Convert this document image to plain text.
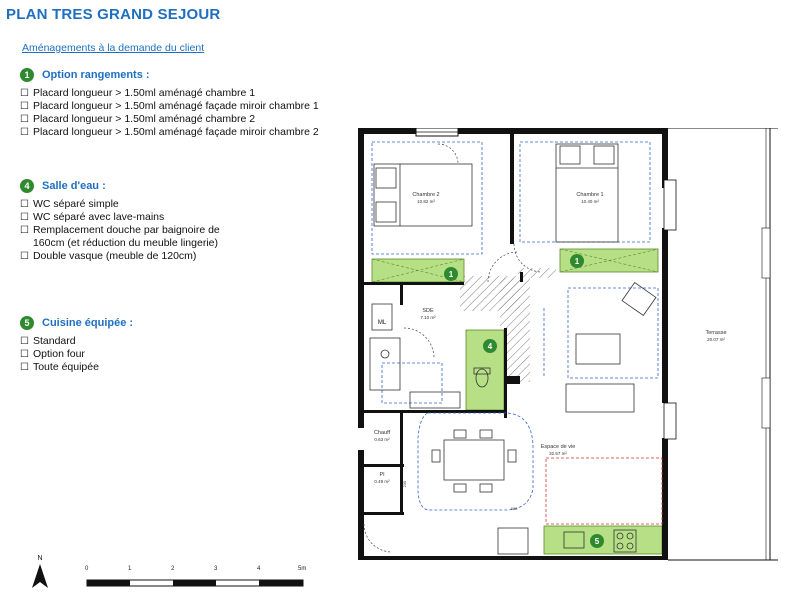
PLAN TRES GRAND SEJOUR
Aménagements à la demande du client
1	Option rangements :
☐ Placard longueur > 1.50ml aménagé chambre 1
☐ Placard longueur > 1.50ml aménagé façade miroir chambre 1
☐ Placard longueur > 1.50ml aménagé chambre 2
☐ Placard longueur > 1.50ml aménagé façade miroir chambre 2
4	Salle d'eau :
☐ WC séparé simple
☐ WC séparé avec lave-mains
☐ Remplacement douche par baignoire de 160cm (et réduction du meuble lingerie)
☐ Double vasque (meuble de 120cm)
5	Cuisine équipée :
☐ Standard
☐ Option four
☐ Toute équipée
Chambre 2
10.82 m²
Chambre 1
10.40 m²
SDE
7.10 m²
Chauff
0.63 m²
Pl
0.49 m²
Espace de vie
32.57 m²
Terrasse
20.07 m²
ML
682
235
1
1
4
5
N
0	1	2	3	4	5m
